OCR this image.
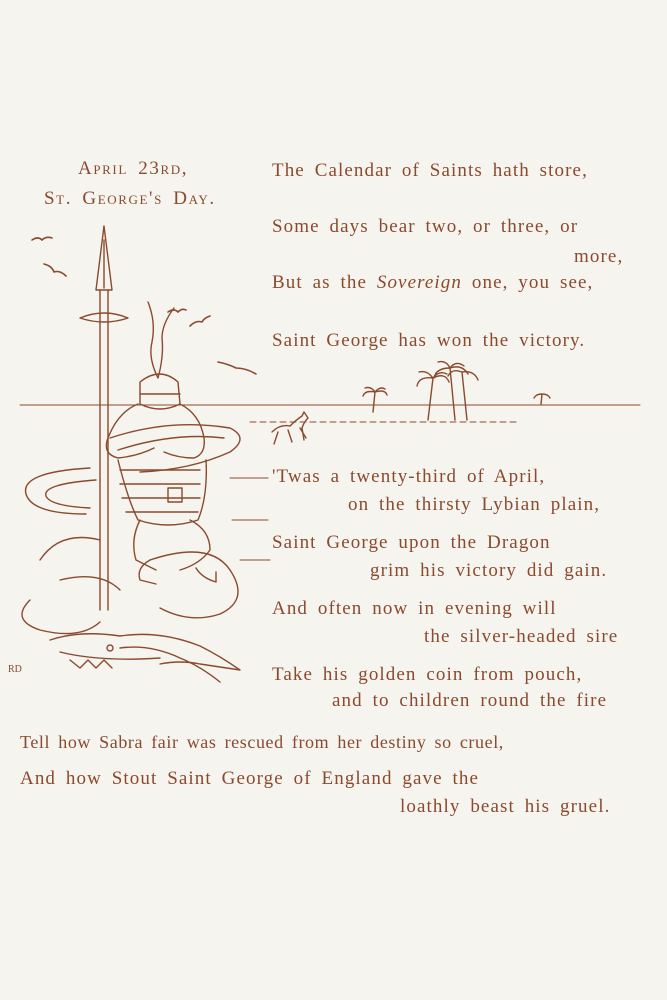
RD
April 23rd,
St. George's Day.
The Calendar of Saints hath store,
Some days bear two, or three, or
more,
But as the Sovereign one, you see,
Saint George has won the victory.
'Twas a twenty-third of April,
on the thirsty Lybian plain,
Saint George upon the Dragon
grim his victory did gain.
And often now in evening will
the silver-headed sire
Take his golden coin from pouch,
and to children round the fire
Tell how Sabra fair was rescued from her destiny so cruel,
And how Stout Saint George of England gave the
loathly beast his gruel.
